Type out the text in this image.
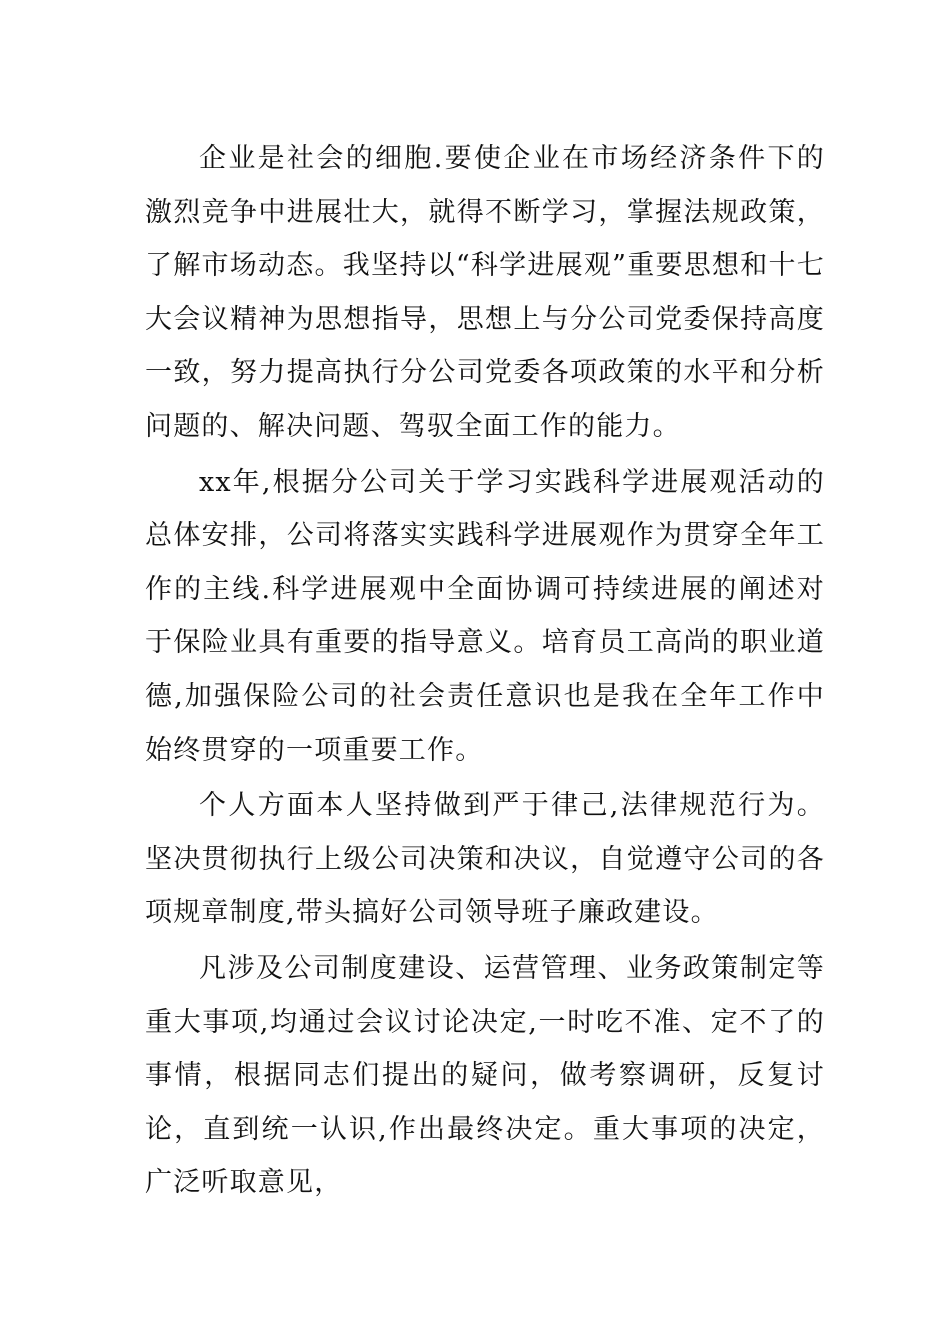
企业是社会的细胞.要使企业在市场经济条件下的激烈竞争中进展壮大，就得不断学习，掌握法规政策，了解市场动态。我坚持以“科学进展观”重要思想和十七大会议精神为思想指导，思想上与分公司党委保持高度一致，努力提高执行分公司党委各项政策的水平和分析问题的、解决问题、驾驭全面工作的能力。

xx年,根据分公司关于学习实践科学进展观活动的总体安排，公司将落实实践科学进展观作为贯穿全年工作的主线.科学进展观中全面协调可持续进展的阐述对于保险业具有重要的指导意义。培育员工高尚的职业道德,加强保险公司的社会责任意识也是我在全年工作中始终贯穿的一项重要工作。

个人方面本人坚持做到严于律己,法律规范行为。坚决贯彻执行上级公司决策和决议，自觉遵守公司的各项规章制度,带头搞好公司领导班子廉政建设。

凡涉及公司制度建设、运营管理、业务政策制定等重大事项,均通过会议讨论决定,一时吃不准、定不了的事情，根据同志们提出的疑问，做考察调研，反复讨论，直到统一认识,作出最终决定。重大事项的决定，广泛听取意见，
